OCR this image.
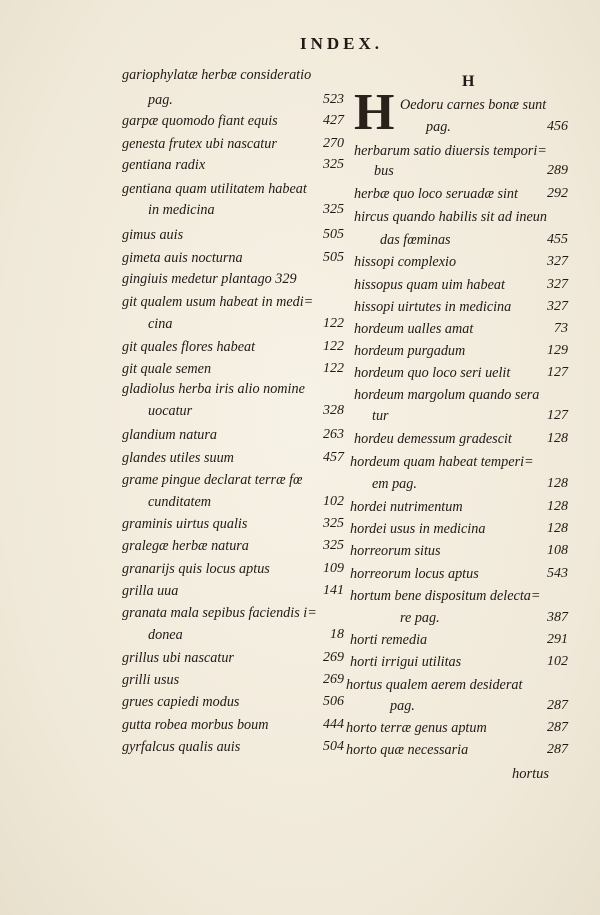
INDEX.
H
H
gariophylatæ herbæ consideratio
pag.	523
garpæ quomodo fiant equis	427
genesta frutex ubi nascatur	270
gentiana radix	325
gentiana quam utilitatem habeat
in medicina	325
gimus auis	505
gimeta auis nocturna	505
gingiuis medetur plantago 329
git qualem usum habeat in medi=
cina	122
git quales flores habeat	122
git quale semen	122
gladiolus herba iris alio nomine
uocatur	328
glandium natura	263
glandes utiles suum	457
grame pingue declarat terræ fœ
cunditatem	102
graminis uirtus qualis	325
gralegæ herbæ natura	325
granarijs quis locus aptus	109
grilla uua	141
granata mala sepibus faciendis i=
donea	18
grillus ubi nascatur	269
grilli usus	269
grues capiedi modus	506
gutta robea morbus boum	444
gyrfalcus qualis auis	504
Oedoru carnes bonæ sunt
pag.	456
herbarum satio diuersis tempori=
bus	289
herbæ quo loco seruadæ sint 292
hircus quando habilis sit ad ineun
das fœminas	455
hissopi complexio	327
hissopus quam uim habeat	327
hissopi uirtutes in medicina	327
hordeum ualles amat	73
hordeum purgadum	129
hordeum quo loco seri uelit	127
hordeum margolum quando sera
tur	127
hordeu demessum gradescit	128
hordeum quam habeat temperi=
em pag.	128
hordei nutrimentum	128
hordei usus in medicina	128
horreorum situs	108
horreorum locus aptus	543
hortum bene dispositum delecta=
re pag.	387
horti remedia	291
horti irrigui utilitas	102
hortus qualem aerem desiderat
pag.	287
horto terræ genus aptum	287
horto quæ necessaria	287
hortus
